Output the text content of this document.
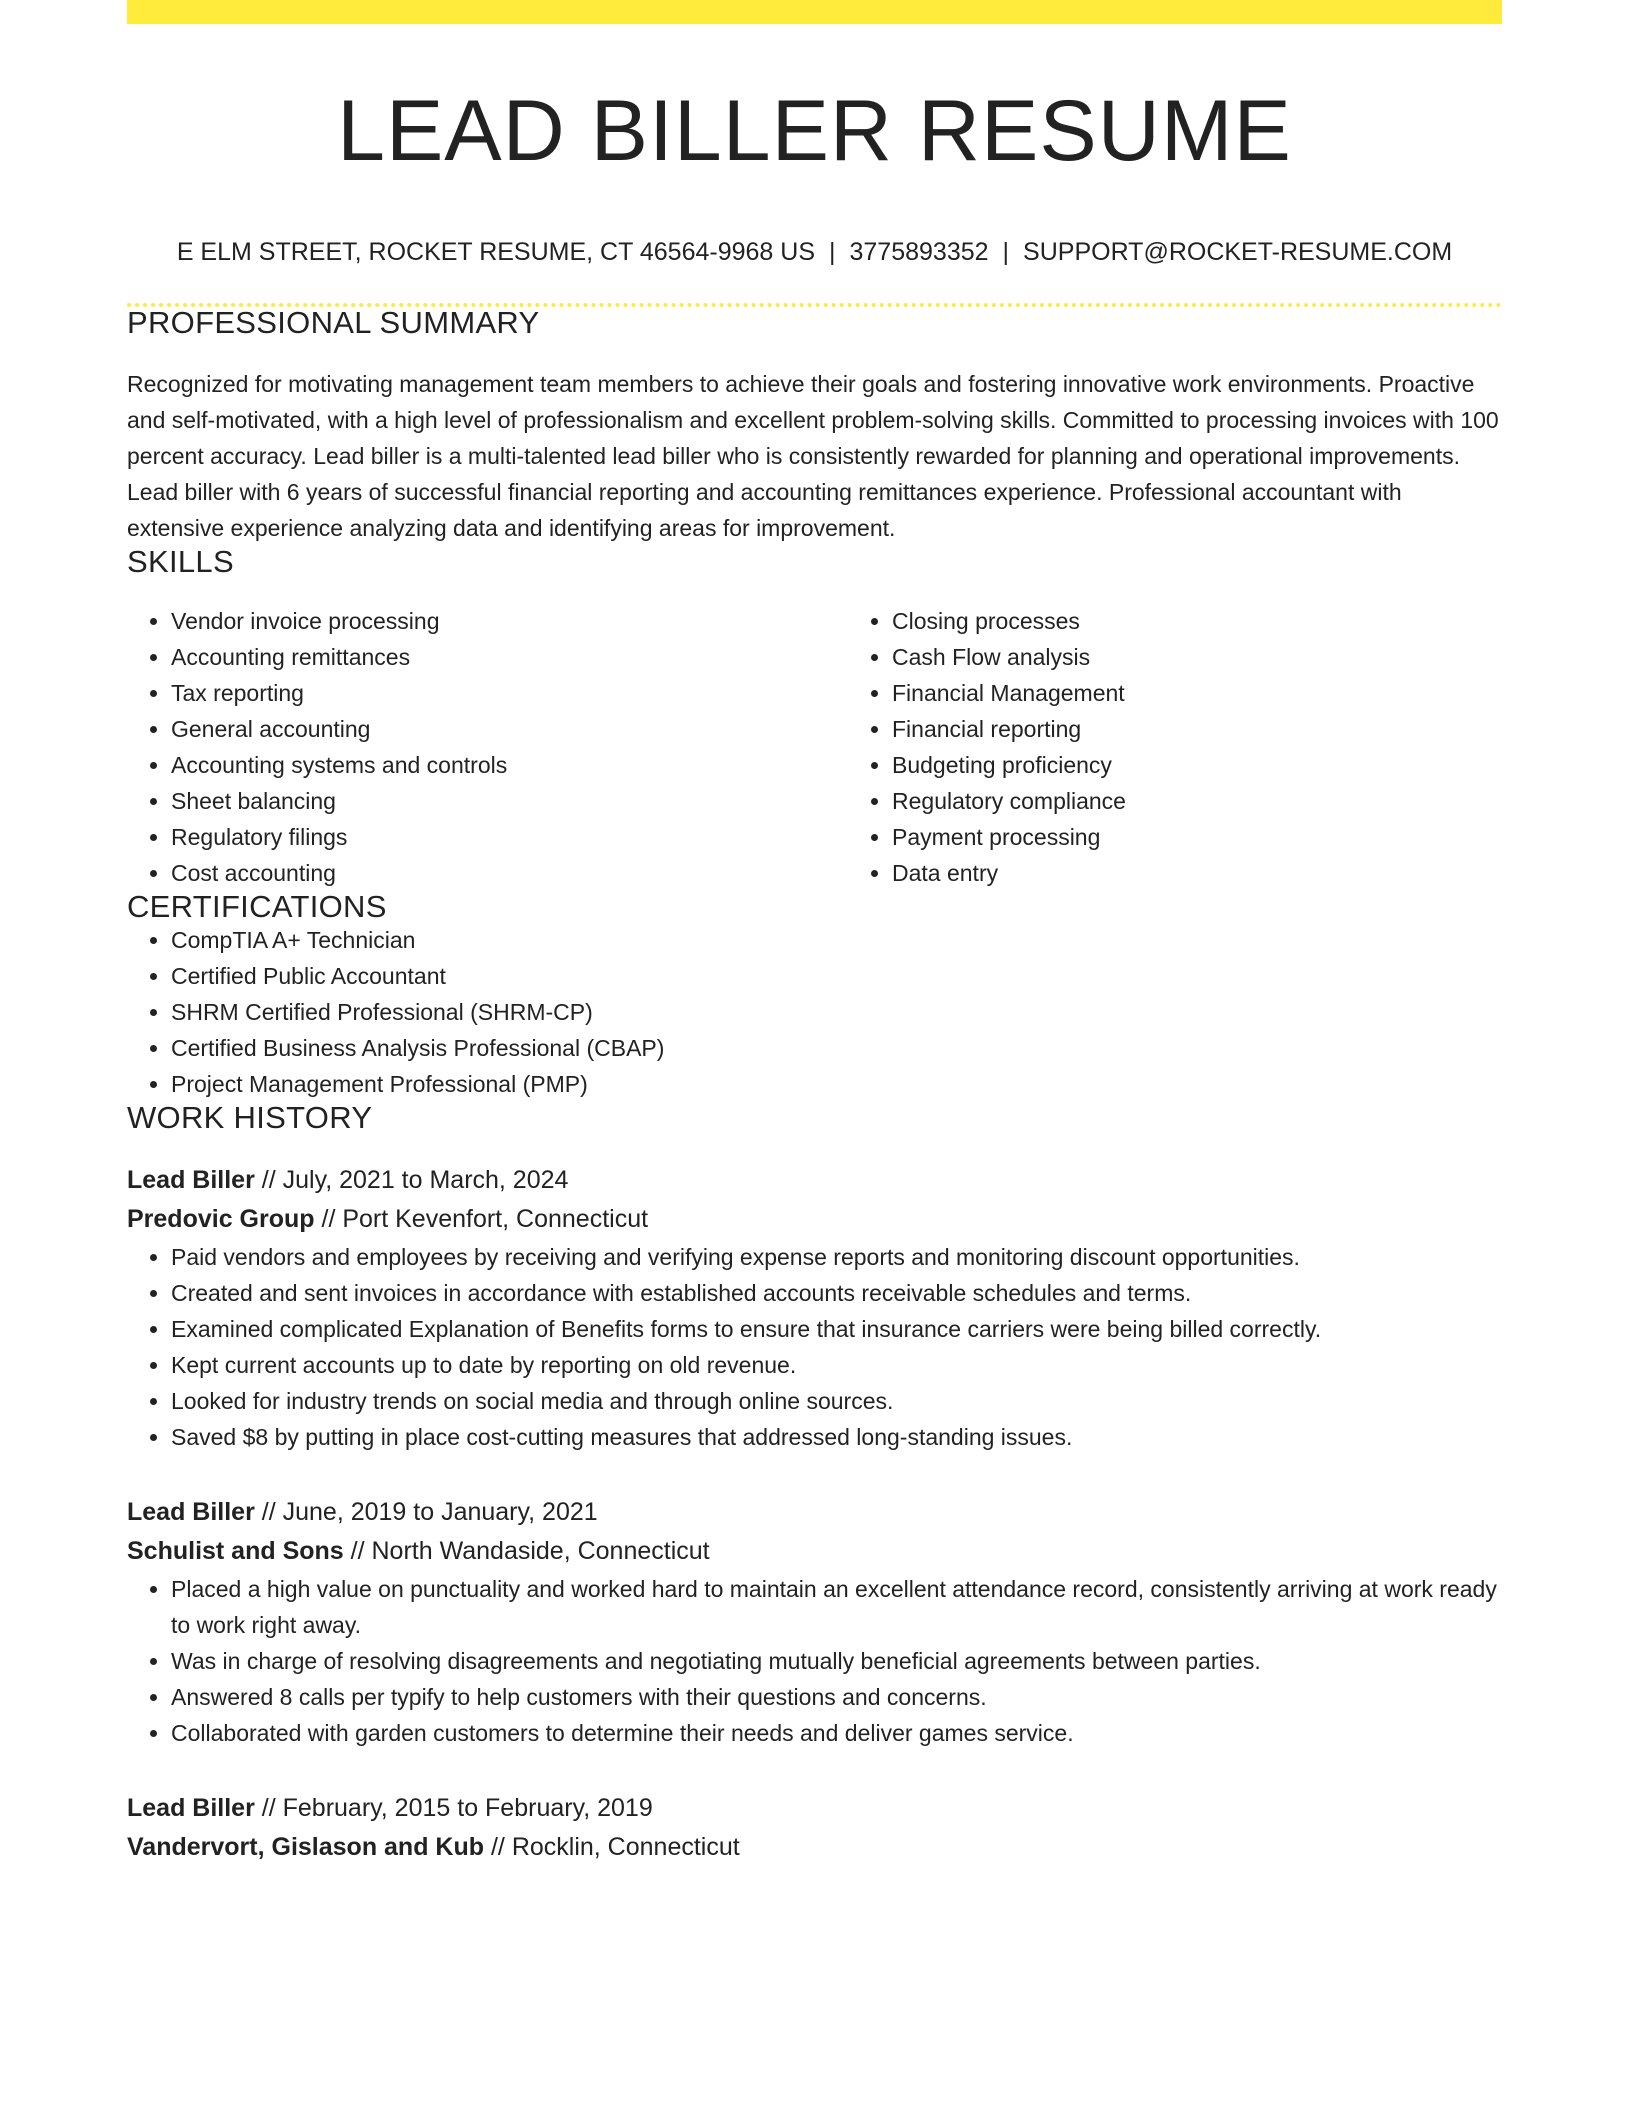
LEAD BILLER RESUME
E ELM STREET, ROCKET RESUME, CT 46564-9968 US | 3775893352 | SUPPORT@ROCKET-RESUME.COM
PROFESSIONAL SUMMARY

Recognized for motivating management team members to achieve their goals and fostering innovative work environments. Proactive and self-motivated, with a high level of professionalism and excellent problem-solving skills. Committed to processing invoices with 100 percent accuracy. Lead biller is a multi-talented lead biller who is consistently rewarded for planning and operational improvements. Lead biller with 6 years of successful financial reporting and accounting remittances experience. Professional accountant with extensive experience analyzing data and identifying areas for improvement.

SKILLS
• Vendor invoice processing
• Accounting remittances
• Tax reporting
• General accounting
• Accounting systems and controls
• Sheet balancing
• Regulatory filings
• Cost accounting
• Closing processes
• Cash Flow analysis
• Financial Management
• Financial reporting
• Budgeting proficiency
• Regulatory compliance
• Payment processing
• Data entry
CERTIFICATIONS
• CompTIA A+ Technician
• Certified Public Accountant
• SHRM Certified Professional (SHRM-CP)
• Certified Business Analysis Professional (CBAP)
• Project Management Professional (PMP)
WORK HISTORY
Lead Biller // July, 2021 to March, 2024
Predovic Group // Port Kevenfort, Connecticut
• Paid vendors and employees by receiving and verifying expense reports and monitoring discount opportunities.
• Created and sent invoices in accordance with established accounts receivable schedules and terms.
• Examined complicated Explanation of Benefits forms to ensure that insurance carriers were being billed correctly.
• Kept current accounts up to date by reporting on old revenue.
• Looked for industry trends on social media and through online sources.
• Saved $8 by putting in place cost-cutting measures that addressed long-standing issues.
Lead Biller // June, 2019 to January, 2021
Schulist and Sons // North Wandaside, Connecticut
• Placed a high value on punctuality and worked hard to maintain an excellent attendance record, consistently arriving at work ready to work right away.
• Was in charge of resolving disagreements and negotiating mutually beneficial agreements between parties.
• Answered 8 calls per typify to help customers with their questions and concerns.
• Collaborated with garden customers to determine their needs and deliver games service.
Lead Biller // February, 2015 to February, 2019
Vandervort, Gislason and Kub // Rocklin, Connecticut
